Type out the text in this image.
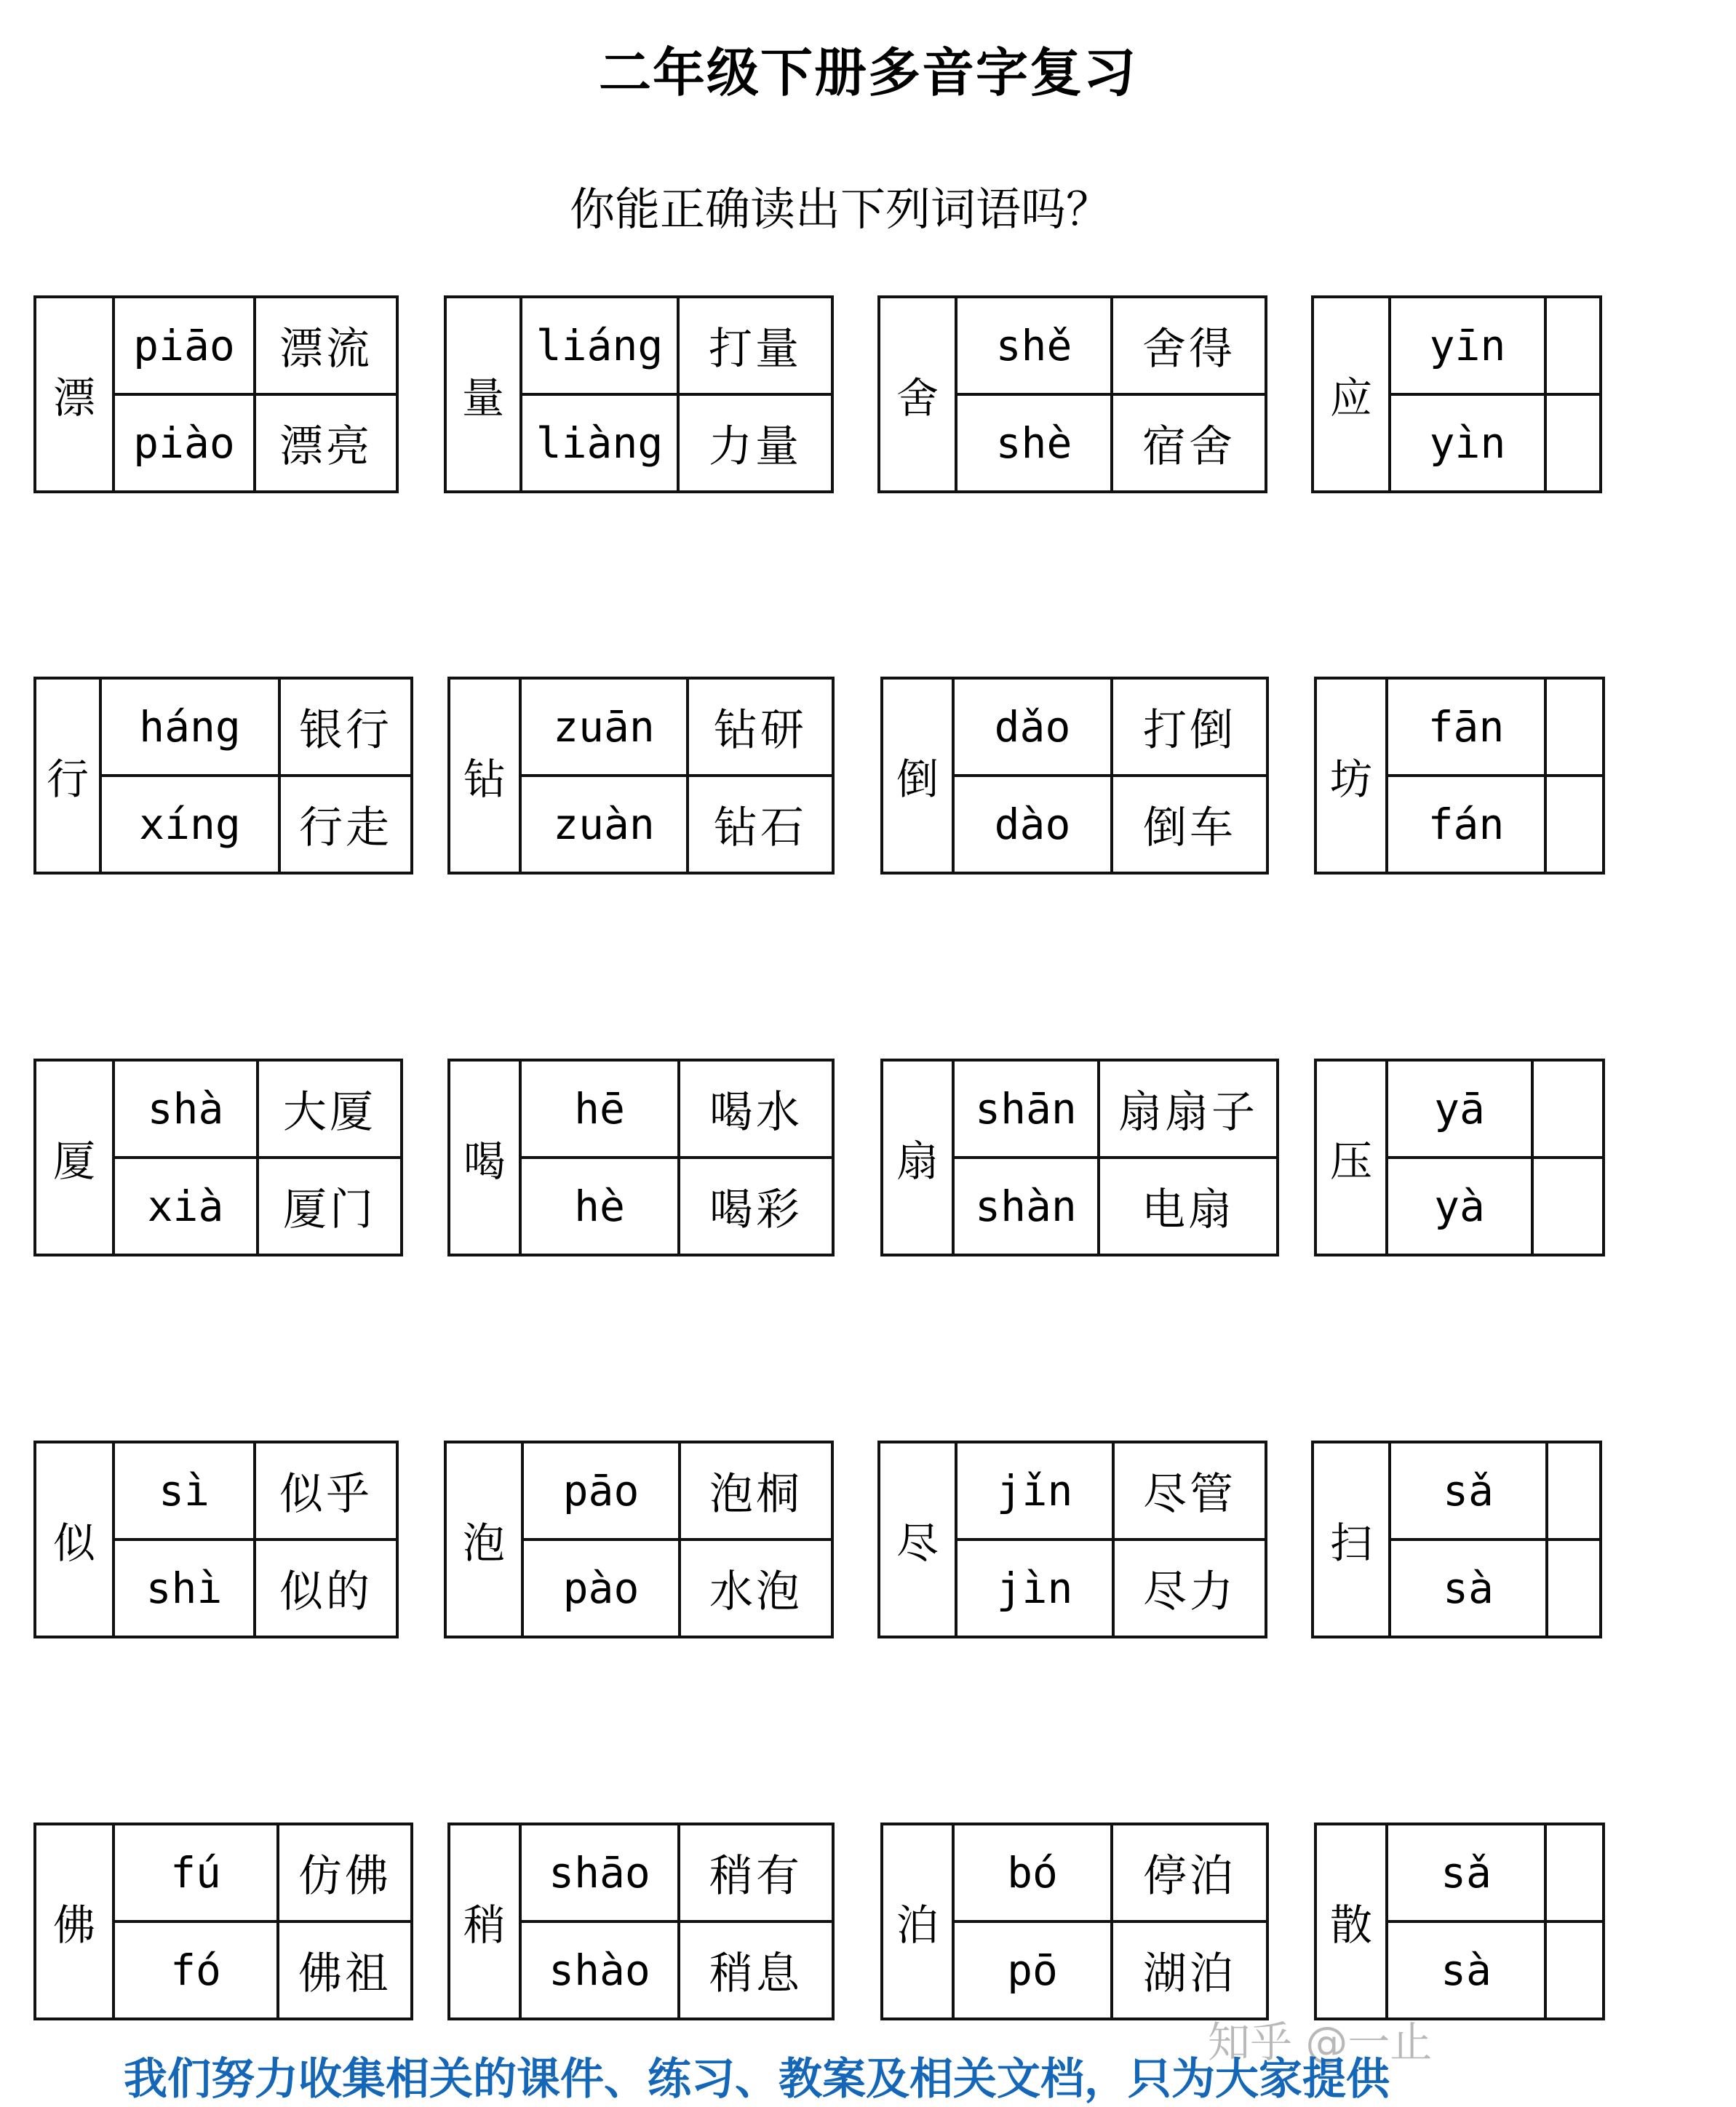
二年级下册多音字复习
你能正确读出下列词语吗？
漂
piāo	漂流
piào	漂亮
量
liáng	打量
liàng	力量
舍
shě	舍得
shè	宿舍
应
yīn
yìn
行
háng	银行
xíng	行走
钻
zuān	钻研
zuàn	钻石
倒
dǎo	打倒
dào	倒车
坊
fān
fán
厦
shà	大厦
xià	厦门
喝
hē	喝水
hè	喝彩
扇
shān 扇扇子
shàn	电扇
压
yā
yà
似
sì	似乎
shì	似的
泡
pāo	泡桐
pào	水泡
尽
jǐn	尽管
jìn	尽力
扫
sǎ
sà
佛
fú	仿佛
fó	佛祖
稍
shāo	稍有
shào	稍息
泊
bó	停泊
pō	湖泊
散
sǎ
sà
知乎 @一止
我们努力收集相关的课件、练习、教案及相关文档，只为大家提供
